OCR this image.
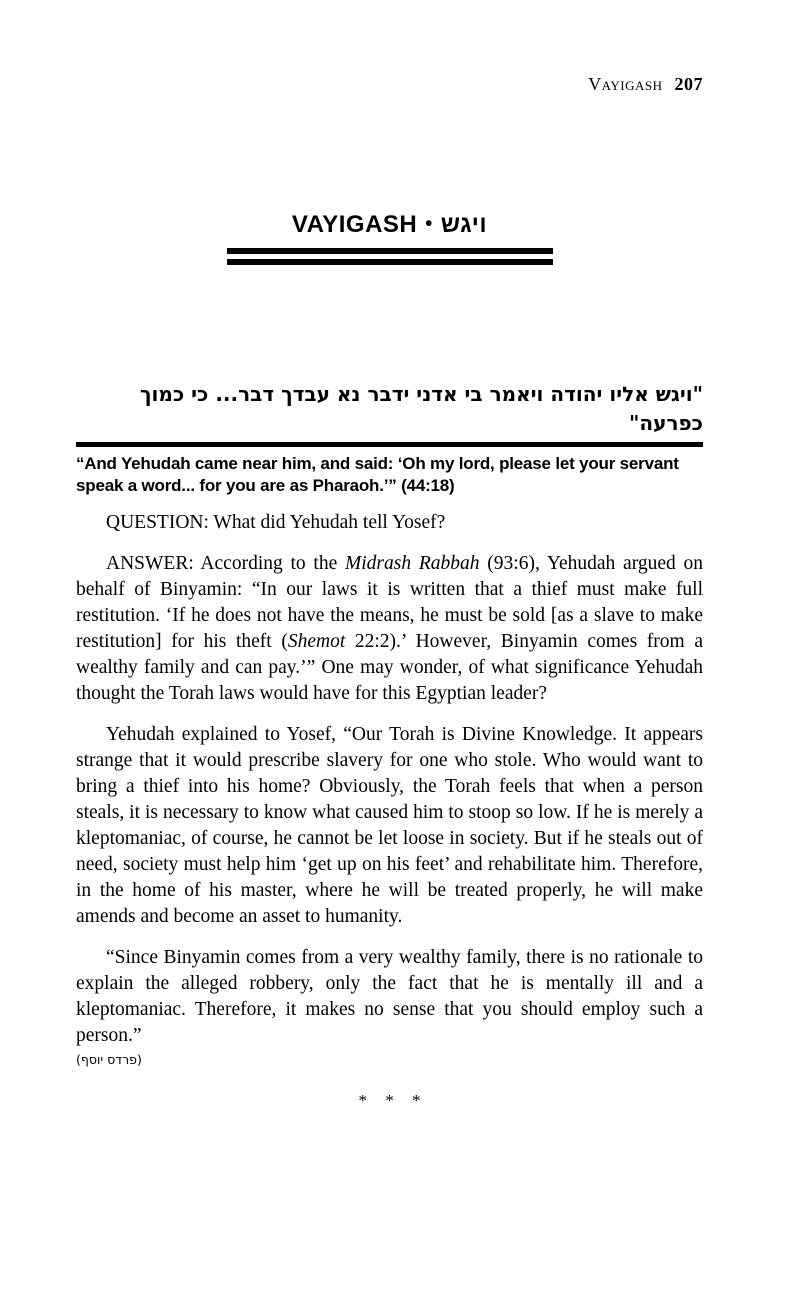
Vayigash 207
VAYIGASH • ויגש
"ויגש אליו יהודה ויאמר בי אדני ידבר נא עבדך דבר... כי כמוך
כפרעה"
“And Yehudah came near him, and said: ‘Oh my lord, please let your servant speak a word... for you are as Pharaoh.’” (44:18)

QUESTION: What did Yehudah tell Yosef?

ANSWER: According to the Midrash Rabbah (93:6), Yehudah argued on behalf of Binyamin: “In our laws it is written that a thief must make full restitution. ‘If he does not have the means, he must be sold [as a slave to make restitution] for his theft (Shemot 22:2).’ However, Binyamin comes from a wealthy family and can pay.’” One may wonder, of what significance Yehudah thought the Torah laws would have for this Egyptian leader?

Yehudah explained to Yosef, “Our Torah is Divine Knowledge. It appears strange that it would prescribe slavery for one who stole. Who would want to bring a thief into his home? Obviously, the Torah feels that when a person steals, it is necessary to know what caused him to stoop so low. If he is merely a kleptomaniac, of course, he cannot be let loose in society. But if he steals out of need, society must help him ‘get up on his feet’ and rehabilitate him. Therefore, in the home of his master, where he will be treated properly, he will make amends and become an asset to humanity.

“Since Binyamin comes from a very wealthy family, there is no rationale to explain the alleged robbery, only the fact that he is mentally ill and a kleptomaniac. Therefore, it makes no sense that you should employ such a person.”

(פרדס יוסף)
* * *
